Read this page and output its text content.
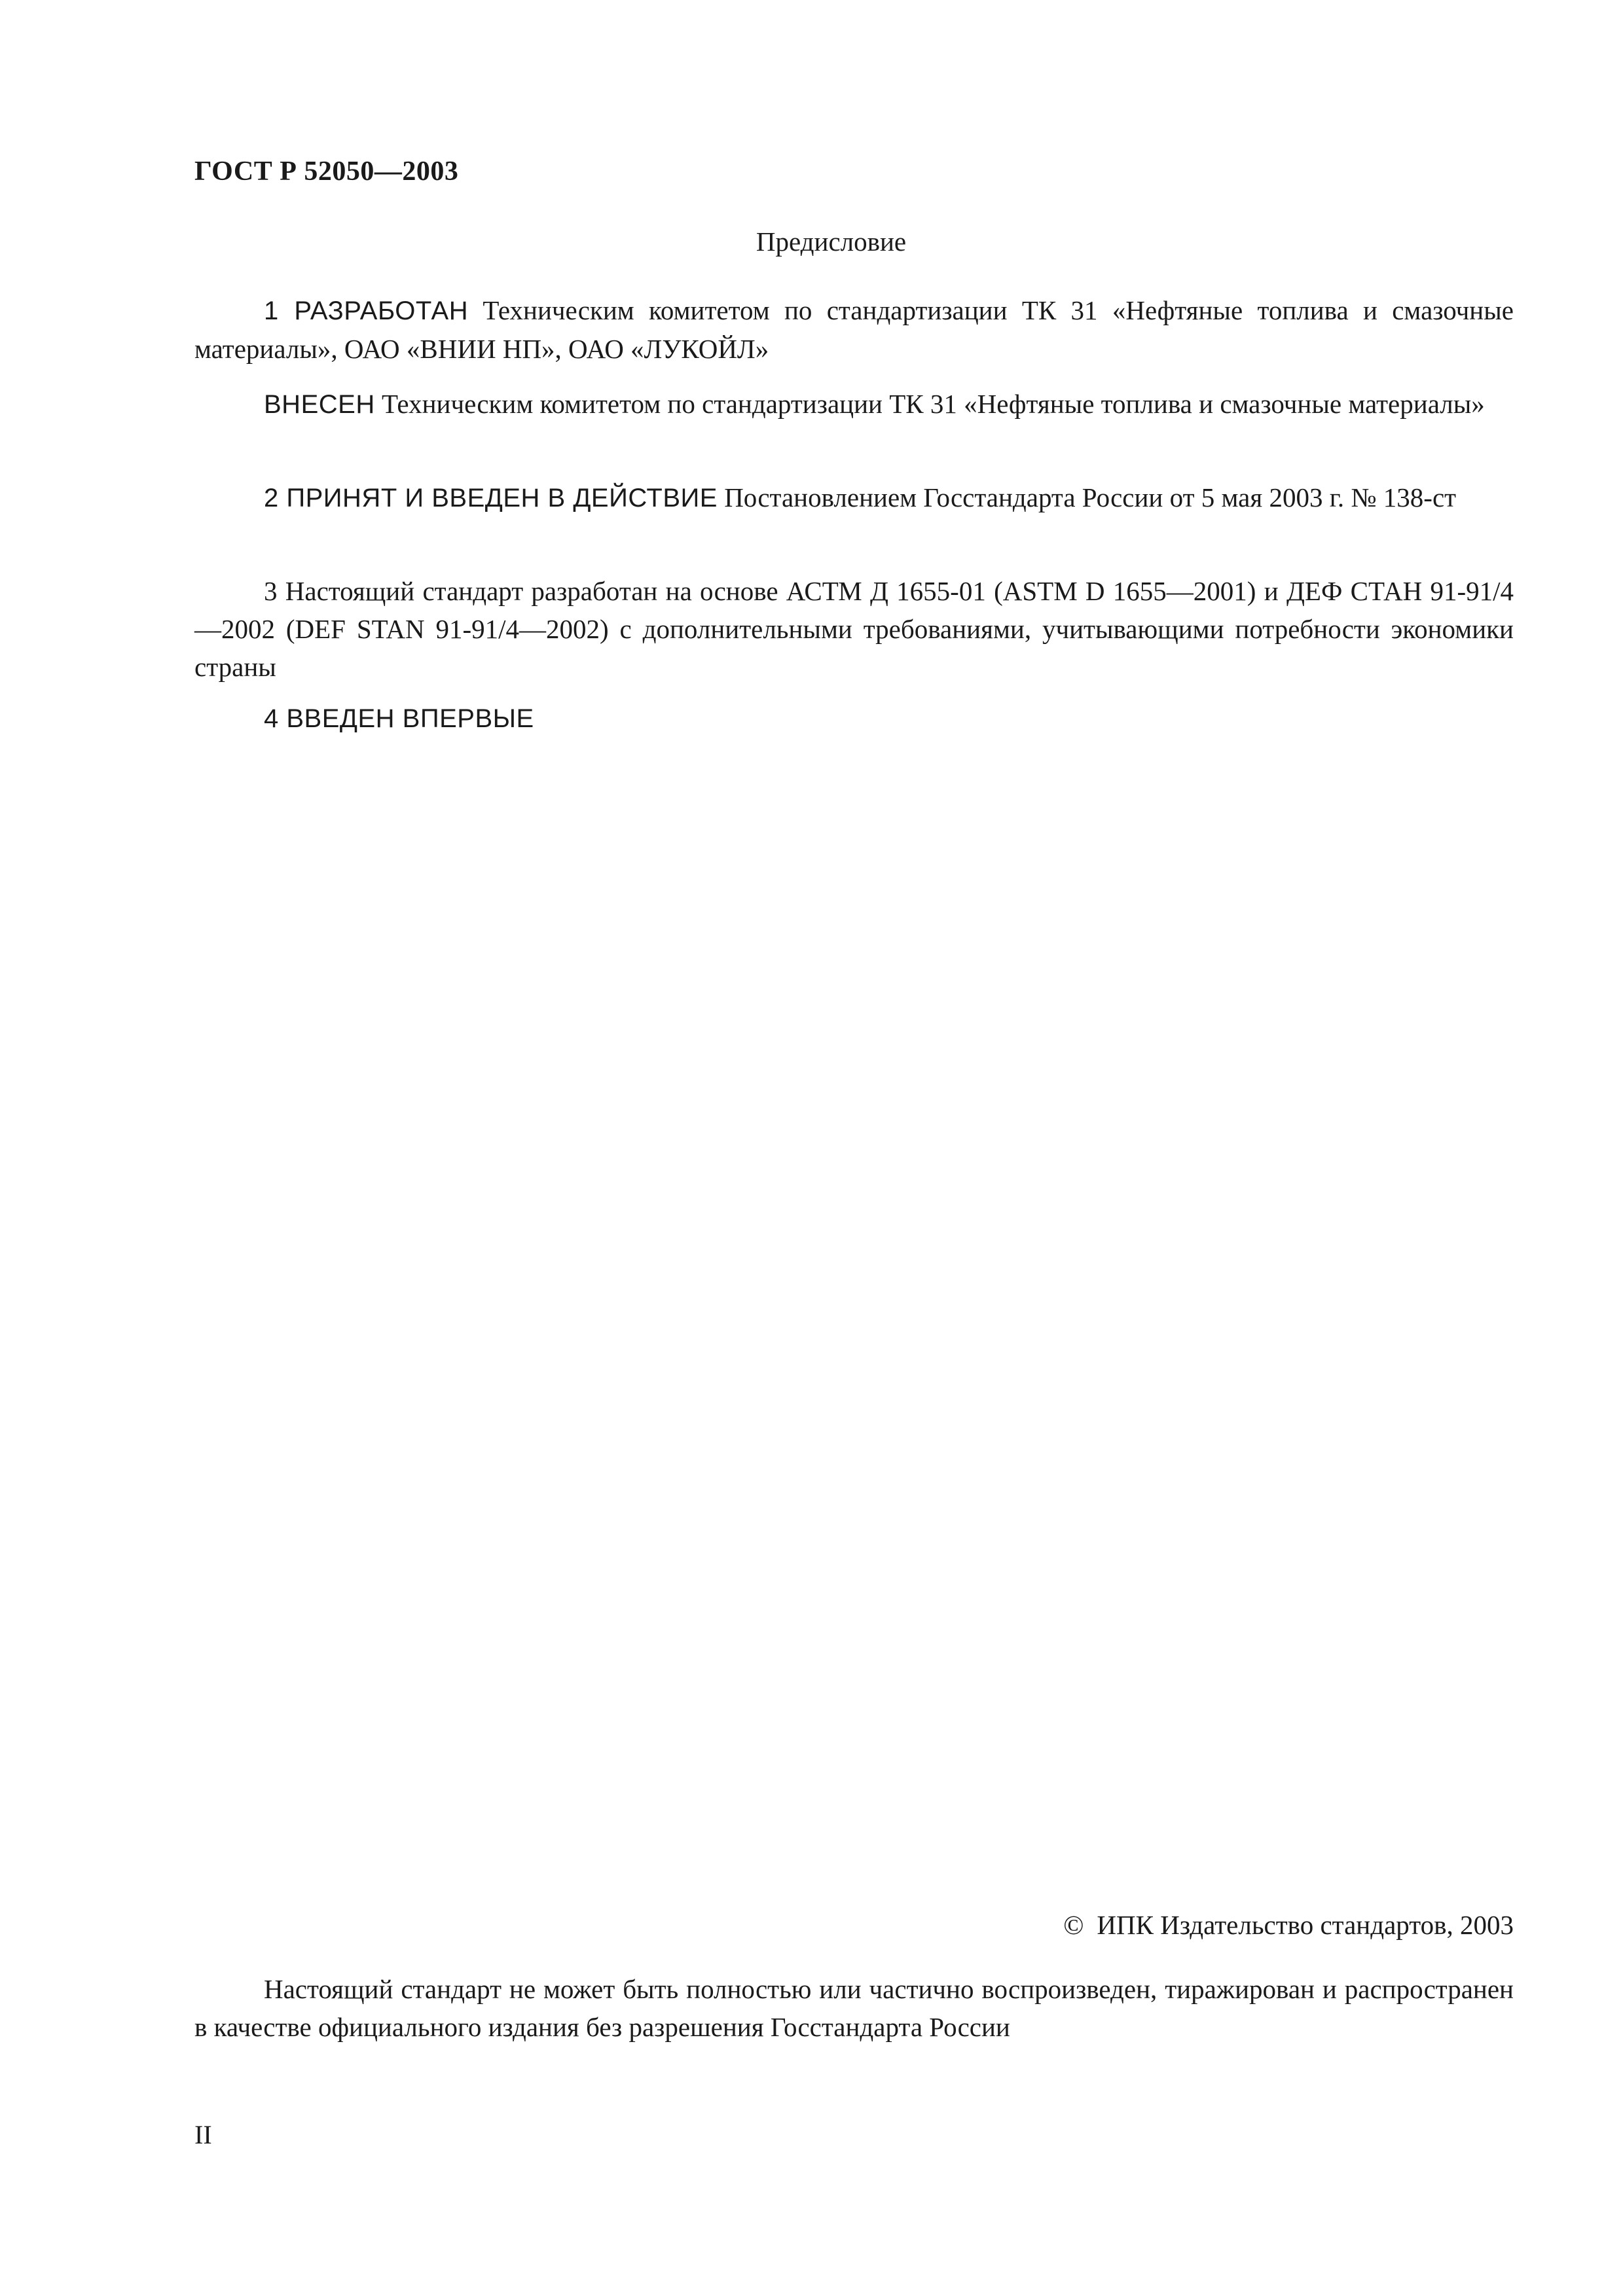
ГОСТ Р 52050—2003
Предисловие

1 РАЗРАБОТАН Техническим комитетом по стандартизации ТК 31 «Нефтяные топлива и смазочные материалы», ОАО «ВНИИ НП», ОАО «ЛУКОЙЛ»

ВНЕСЕН Техническим комитетом по стандартизации ТК 31 «Нефтяные топлива и смазочные материалы»

2 ПРИНЯТ И ВВЕДЕН В ДЕЙСТВИЕ Постановлением Госстандарта России от 5 мая 2003 г. № 138-ст

3 Настоящий стандарт разработан на основе АСТМ Д 1655-01 (ASTM D 1655—2001) и ДЕФ СТАН 91-91/4—2002 (DEF STAN 91-91/4—2002) с дополнительными требованиями, учитывающими потребности экономики страны

4 ВВЕДЕН ВПЕРВЫЕ

© ИПК Издательство стандартов, 2003

Настоящий стандарт не может быть полностью или частично воспроизведен, тиражирован и распространен в качестве официального издания без разрешения Госстандарта России

II
